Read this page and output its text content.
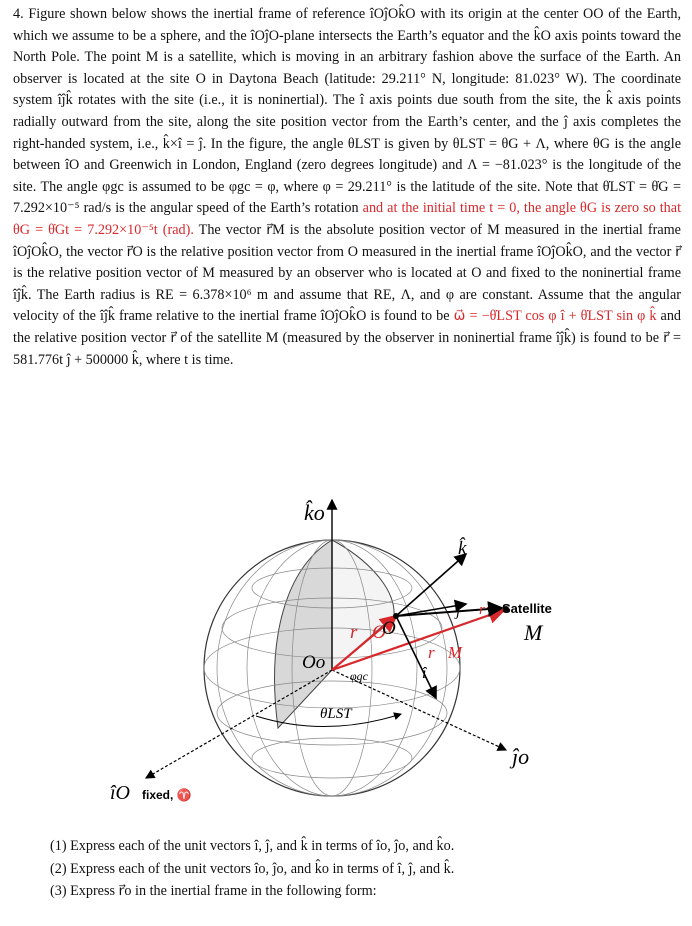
4. Figure shown below shows the inertial frame of reference îOĵOk̂O with its origin at the center OO of the Earth, which we assume to be a sphere, and the îOĵO-plane intersects the Earth’s equator and the k̂O axis points toward the North Pole. The point M is a satellite, which is moving in an arbitrary fashion above the surface of the Earth. An observer is located at the site O in Daytona Beach (latitude: 29.211° N, longitude: 81.023° W). The coordinate system îĵk̂ rotates with the site (i.e., it is noninertial). The î axis points due south from the site, the k̂ axis points radially outward from the site, along the site position vector from the Earth’s center, and the ĵ axis completes the right-handed system, i.e., k̂×î = ĵ. In the figure, the angle θLST is given by θLST = θG + Λ, where θG is the angle between îO and Greenwich in London, England (zero degrees longitude) and Λ = −81.023° is the longitude of the site. The angle φgc is assumed to be φgc = φ, where φ = 29.211° is the latitude of the site. Note that θ̇LST = θ̇G = 7.292×10⁻⁵ rad/s is the angular speed of the Earth’s rotation and at the initial time t = 0, the angle θG is zero so that θG = θ̇Gt = 7.292×10⁻⁵t (rad). The vector r⃗M is the absolute position vector of M measured in the inertial frame îOĵOk̂O, the vector r⃗O is the relative position vector from O measured in the inertial frame îOĵOk̂O, and the vector r⃗ is the relative position vector of M measured by an observer who is located at O and fixed to the noninertial frame îĵk̂. The Earth radius is RE = 6.378×10⁶ m and assume that RE, Λ, and φ are constant. Assume that the angular velocity of the îĵk̂ frame relative to the inertial frame îOĵOk̂O is found to be ω⃗ = −θ̇LST cos φ î + θ̇LST sin φ k̂ and the relative position vector r⃗ of the satellite M (measured by the observer in noninertial frame îĵk̂) is found to be r⃗ = 581.776t ĵ + 500000 k̂, where t is time.

k̂o
k̂
ĵ r⃗ Satellite
M
r⃗O
O
Oo
φgc
r⃗M
î
θLST
ĵo
îO fixed, ♈

(1) Express each of the unit vectors î, ĵ, and k̂ in terms of îo, ĵo, and k̂o.

(2) Express each of the unit vectors îo, ĵo, and k̂o in terms of î, ĵ, and k̂.

(3) Express r⃗o in the inertial frame in the following form:
